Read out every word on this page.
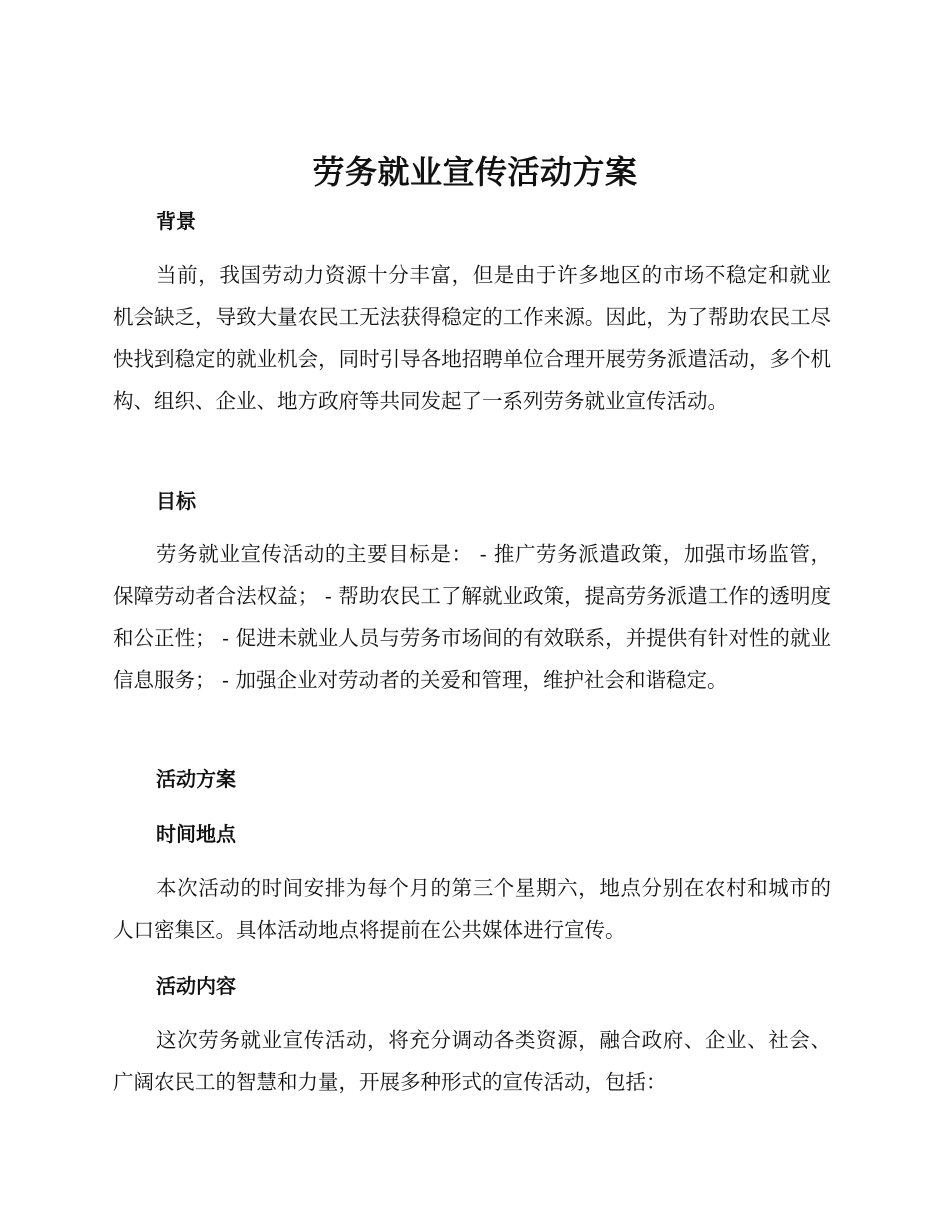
劳务就业宣传活动方案
背景

当前，我国劳动力资源十分丰富，但是由于许多地区的市场不稳定和就业机会缺乏，导致大量农民工无法获得稳定的工作来源。因此，为了帮助农民工尽快找到稳定的就业机会，同时引导各地招聘单位合理开展劳务派遣活动，多个机构、组织、企业、地方政府等共同发起了一系列劳务就业宣传活动。

目标

劳务就业宣传活动的主要目标是： - 推广劳务派遣政策，加强市场监管，保障劳动者合法权益； - 帮助农民工了解就业政策，提高劳务派遣工作的透明度和公正性； - 促进未就业人员与劳务市场间的有效联系，并提供有针对性的就业信息服务； - 加强企业对劳动者的关爱和管理，维护社会和谐稳定。

活动方案
时间地点

本次活动的时间安排为每个月的第三个星期六，地点分别在农村和城市的人口密集区。具体活动地点将提前在公共媒体进行宣传。

活动内容

这次劳务就业宣传活动，将充分调动各类资源，融合政府、企业、社会、广阔农民工的智慧和力量，开展多种形式的宣传活动，包括：
